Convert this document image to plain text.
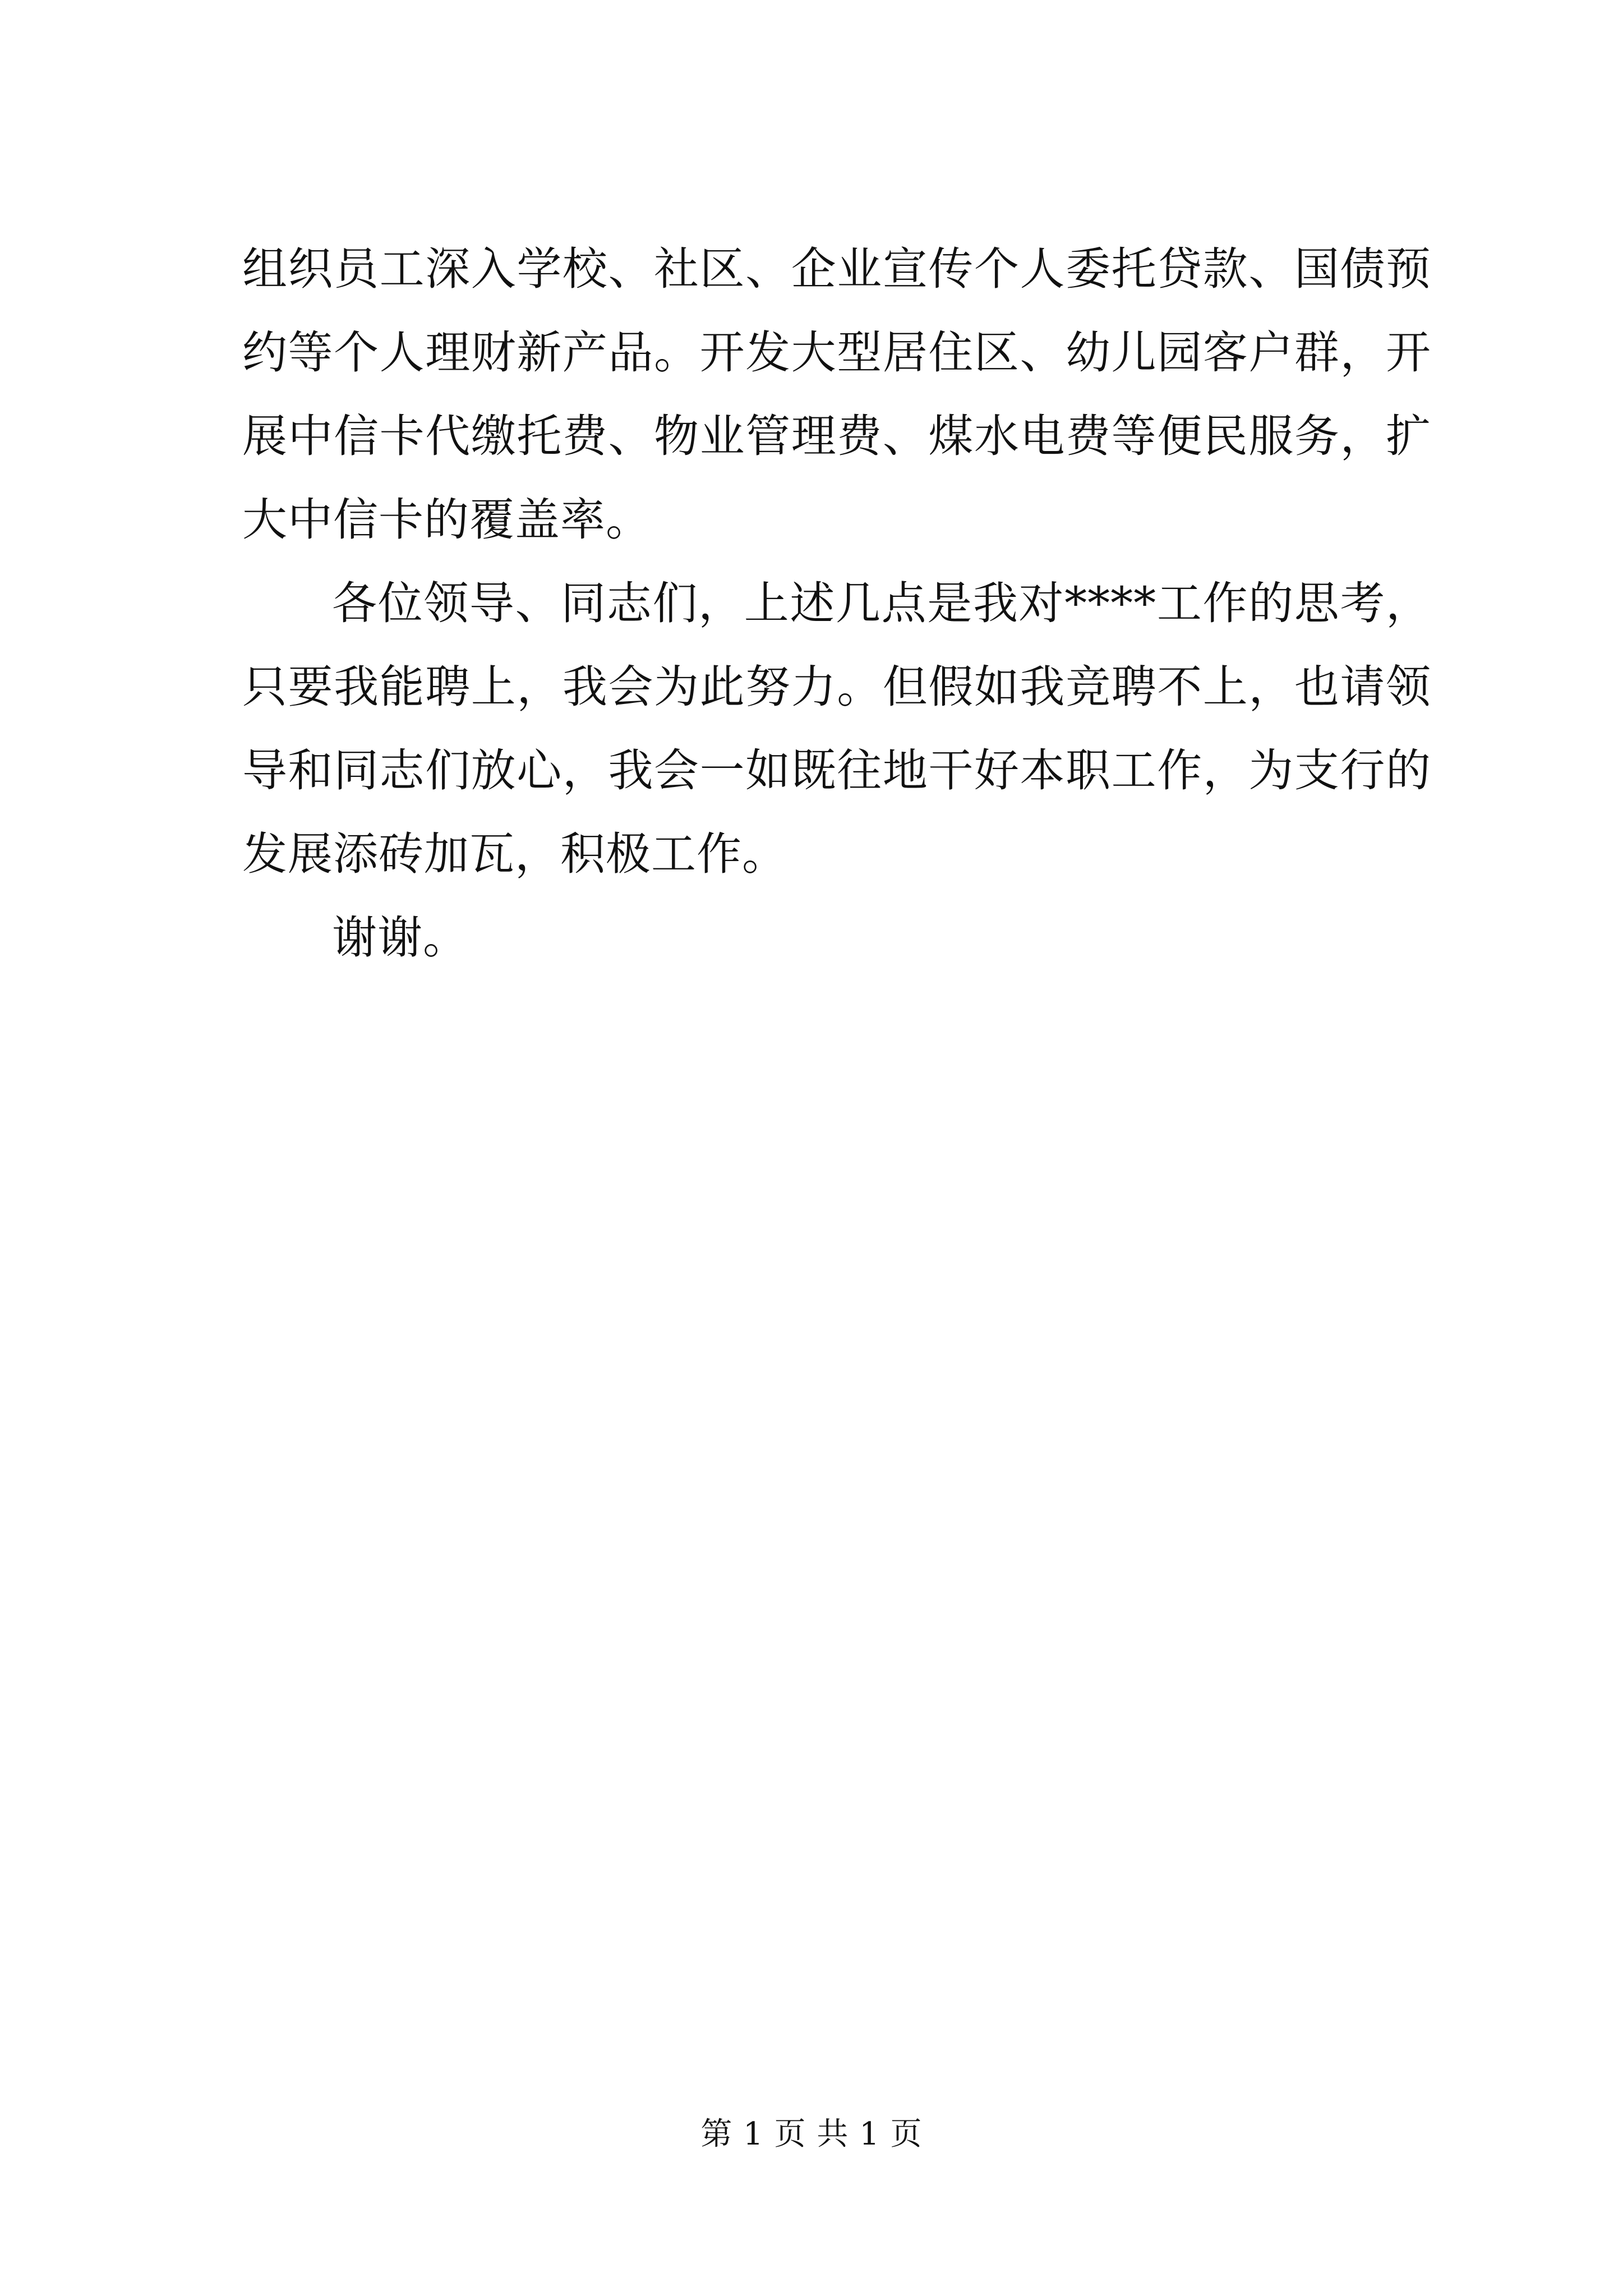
组织员工深入学校、社区、企业宣传个人委托贷款、国债预约等个人理财新产品。开发大型居住区、幼儿园客户群，开展中信卡代缴托费、物业管理费、煤水电费等便民服务，扩大中信卡的覆盖率。

各位领导、同志们，上述几点是我对****工作的思考，只要我能聘上，我会为此努力。但假如我竞聘不上，也请领导和同志们放心，我会一如既往地干好本职工作，为支行的发展添砖加瓦，积极工作。

谢谢。

第 1 页 共 1 页
